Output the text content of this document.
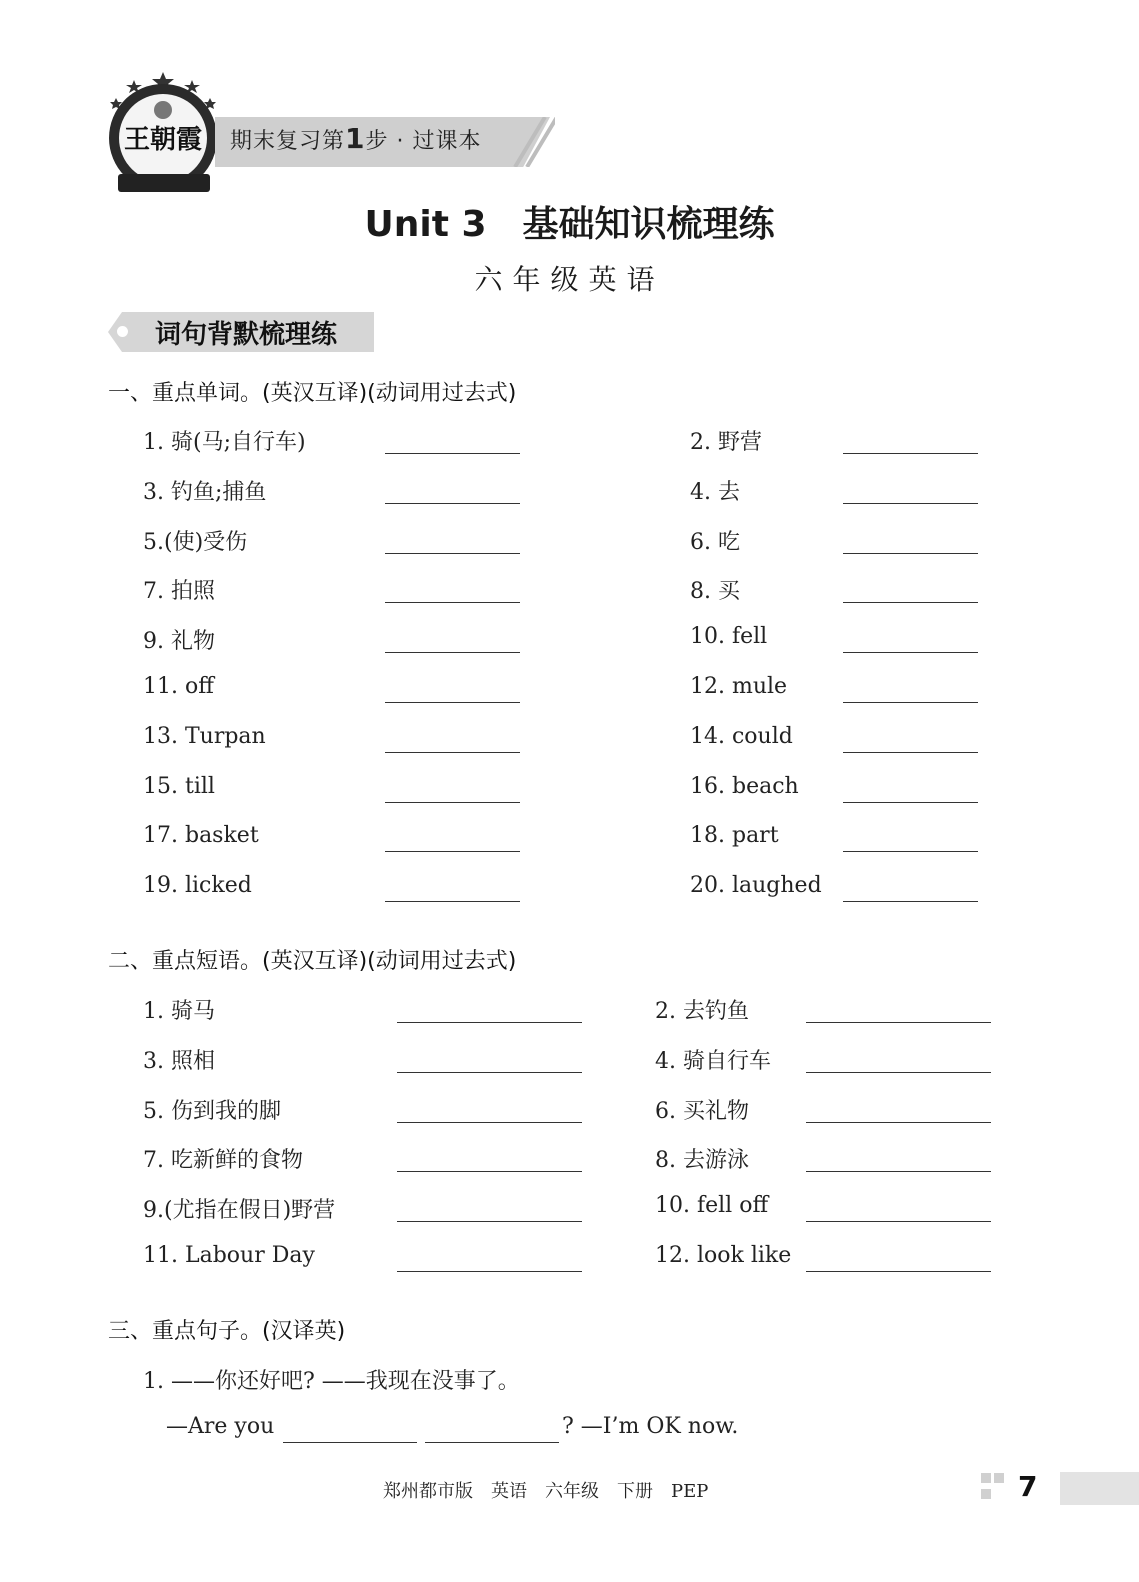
王朝霞 期末复习第1步 · 过课本
Unit 3　基础知识梳理练
六年级英语
词句背默梳理练
一、重点单词。(英汉互译)(动词用过去式)
1. 骑(马;自行车)	2. 野营
3. 钓鱼;捕鱼	4. 去
5.(使)受伤	6. 吃
7. 拍照	8. 买
9. 礼物	10. fell
11. off	12. mule
13. Turpan	14. could
15. till	16. beach
17. basket	18. part
19. licked	20. laughed
二、重点短语。(英汉互译)(动词用过去式)
1. 骑马	2. 去钓鱼
3. 照相	4. 骑自行车
5. 伤到我的脚	6. 买礼物
7. 吃新鲜的食物	8. 去游泳
9.(尤指在假日)野营	10. fell off
11. Labour Day	12. look like
三、重点句子。(汉译英)
1. ——你还好吧? ——我现在没事了。
—Are you	? —I’m OK now.
郑州都市版　英语　六年级　下册　PEP	7
